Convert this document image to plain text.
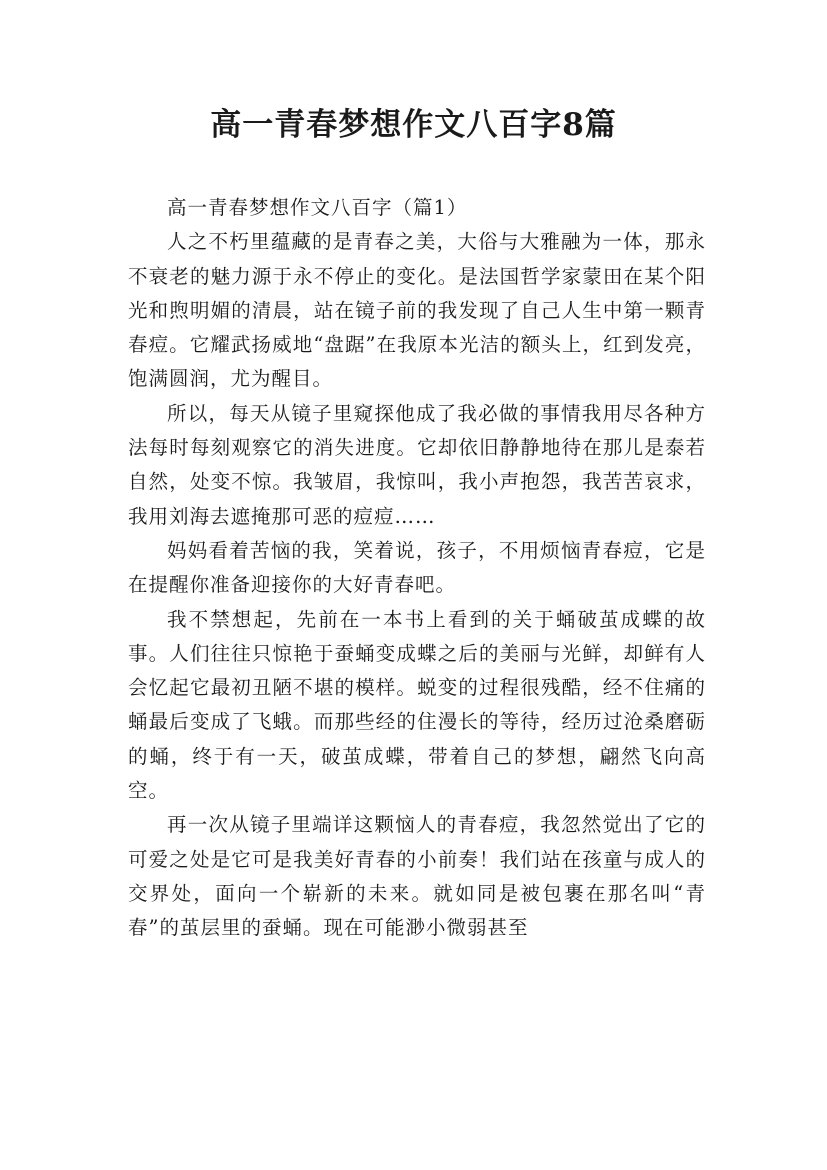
高一青春梦想作文八百字8篇

高一青春梦想作文八百字（篇1）

人之不朽里蕴藏的是青春之美，大俗与大雅融为一体，那永不衰老的魅力源于永不停止的变化。是法国哲学家蒙田在某个阳光和煦明媚的清晨，站在镜子前的我发现了自己人生中第一颗青春痘。它耀武扬威地“盘踞”在我原本光洁的额头上，红到发亮，饱满圆润，尤为醒目。

所以，每天从镜子里窥探他成了我必做的事情我用尽各种方法每时每刻观察它的消失进度。它却依旧静静地待在那儿是泰若自然，处变不惊。我皱眉，我惊叫，我小声抱怨，我苦苦哀求，我用刘海去遮掩那可恶的痘痘……

妈妈看着苦恼的我，笑着说，孩子，不用烦恼青春痘，它是在提醒你准备迎接你的大好青春吧。

我不禁想起，先前在一本书上看到的关于蛹破茧成蝶的故事。人们往往只惊艳于蚕蛹变成蝶之后的美丽与光鲜，却鲜有人会忆起它最初丑陋不堪的模样。蜕变的过程很残酷，经不住痛的蛹最后变成了飞蛾。而那些经的住漫长的等待，经历过沧桑磨砺的蛹，终于有一天，破茧成蝶，带着自己的梦想，翩然飞向高空。

再一次从镜子里端详这颗恼人的青春痘，我忽然觉出了它的可爱之处是它可是我美好青春的小前奏！我们站在孩童与成人的交界处，面向一个崭新的未来。就如同是被包裹在那名叫“青春”的茧层里的蚕蛹。现在可能渺小微弱甚至
